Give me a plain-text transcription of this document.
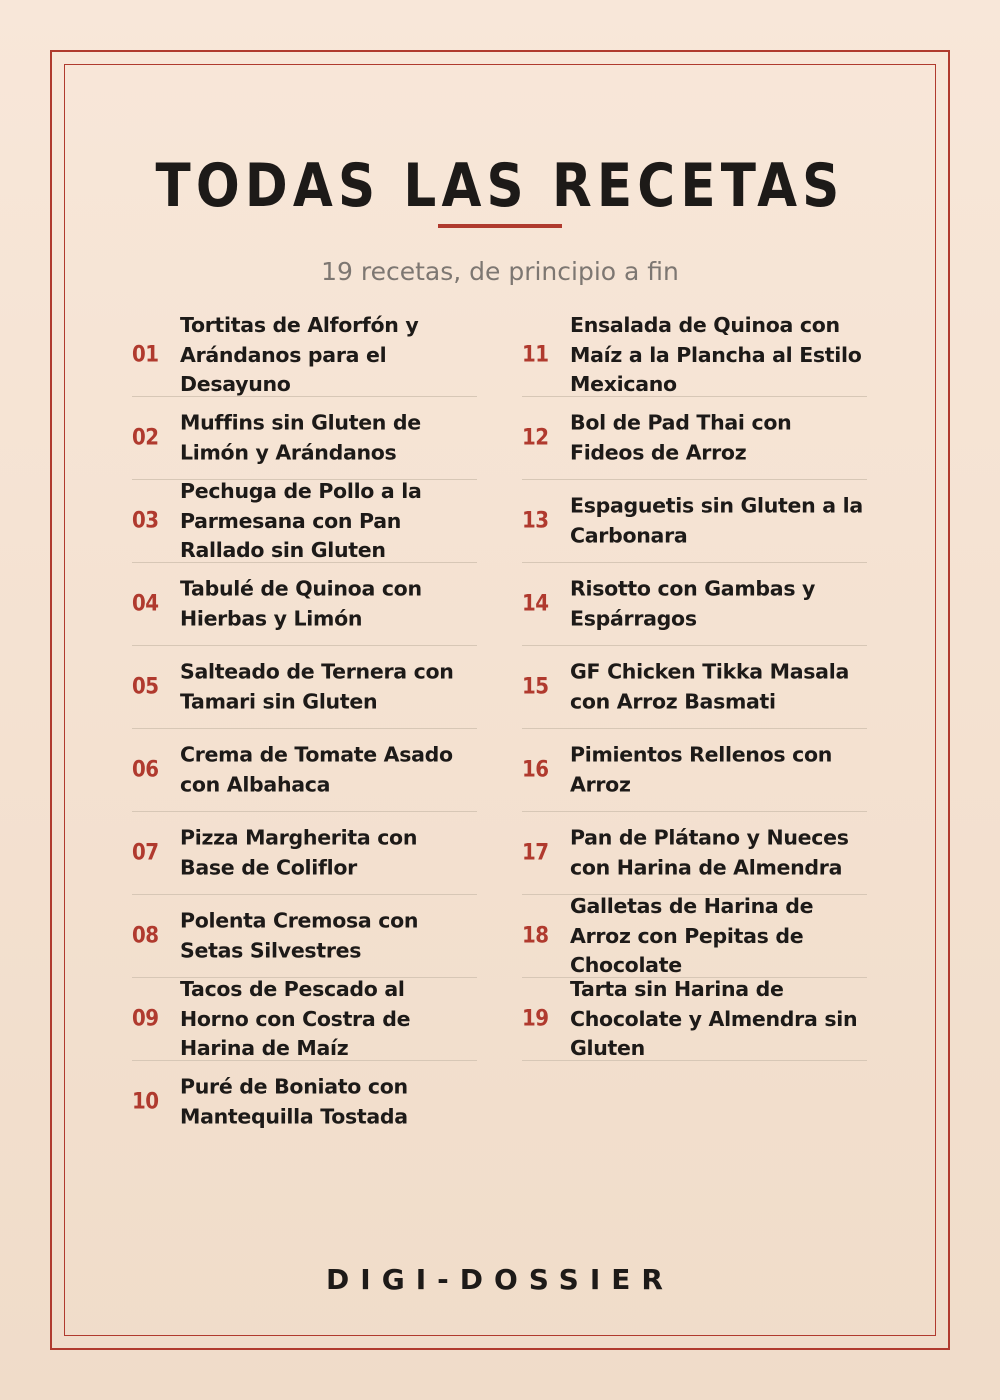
TODAS LAS RECETAS
19 recetas, de principio a fin
01
Tortitas de Alforfón y Arándanos para el Desayuno
02
Muffins sin Gluten de Limón y Arándanos
03
Pechuga de Pollo a la Parmesana con Pan Rallado sin Gluten
04
Tabulé de Quinoa con Hierbas y Limón
05
Salteado de Ternera con Tamari sin Gluten
06
Crema de Tomate Asado con Albahaca
07
Pizza Margherita con Base de Coliflor
08
Polenta Cremosa con Setas Silvestres
09
Tacos de Pescado al Horno con Costra de Harina de Maíz
10
Puré de Boniato con Mantequilla Tostada
11
Ensalada de Quinoa con Maíz a la Plancha al Estilo Mexicano
12
Bol de Pad Thai con Fideos de Arroz
13
Espaguetis sin Gluten a la Carbonara
14
Risotto con Gambas y Espárragos
15
GF Chicken Tikka Masala con Arroz Basmati
16
Pimientos Rellenos con Arroz
17
Pan de Plátano y Nueces con Harina de Almendra
18
Galletas de Harina de Arroz con Pepitas de Chocolate
19
Tarta sin Harina de Chocolate y Almendra sin Gluten
DIGI-DOSSIER
